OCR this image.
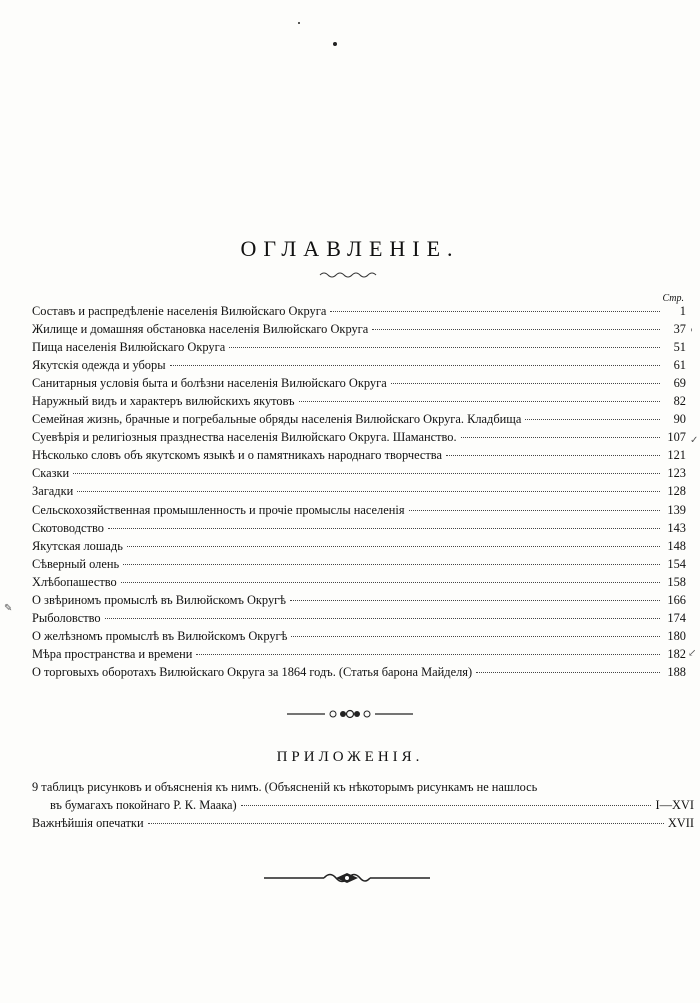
ОГЛАВЛЕНІЕ.
Стр.
Составъ и распредѣленіе населенія Вилюйскаго Округа	1
Жилище и домашняя обстановка населенія Вилюйскаго Округа	37
Пища населенія Вилюйскаго Округа	51
Якутскія одежда и уборы	61
Санитарныя условія быта и болѣзни населенія Вилюйскаго Округа	69
Наружный видъ и характеръ вилюйскихъ якутовъ	82
Семейная жизнь, брачные и погребальные обряды населенія Вилюйскаго Округа. Кладбища	90
Суевѣрія и религіозныя празднества населенія Вилюйскаго Округа. Шаманство.	107
Нѣсколько словъ объ якутскомъ языкѣ и о памятникахъ народнаго творчества	121
Сказки	123
Загадки	128
Сельскохозяйственная промышленность и прочіе промыслы населенія	139
Скотоводство	143
Якутская лошадь	148
Сѣверный олень	154
Хлѣбопашество	158
О звѣриномъ промыслѣ въ Вилюйскомъ Округѣ	166
Рыболовство	174
О желѣзномъ промыслѣ въ Вилюйскомъ Округѣ	180
Мѣра пространства и времени	182
О торговыхъ оборотахъ Вилюйскаго Округа за 1864 годъ. (Статья барона Майделя)	188
ПРИЛОЖЕНІЯ.
9 таблицъ рисунковъ и объясненія къ нимъ. (Объясненій къ нѣкоторымъ рисункамъ не нашлось
въ бумагахъ покойнаго Р. К. Маака)	I—XVI
Важнѣйшія опечатки	XVII
✎
'
✓
↙
